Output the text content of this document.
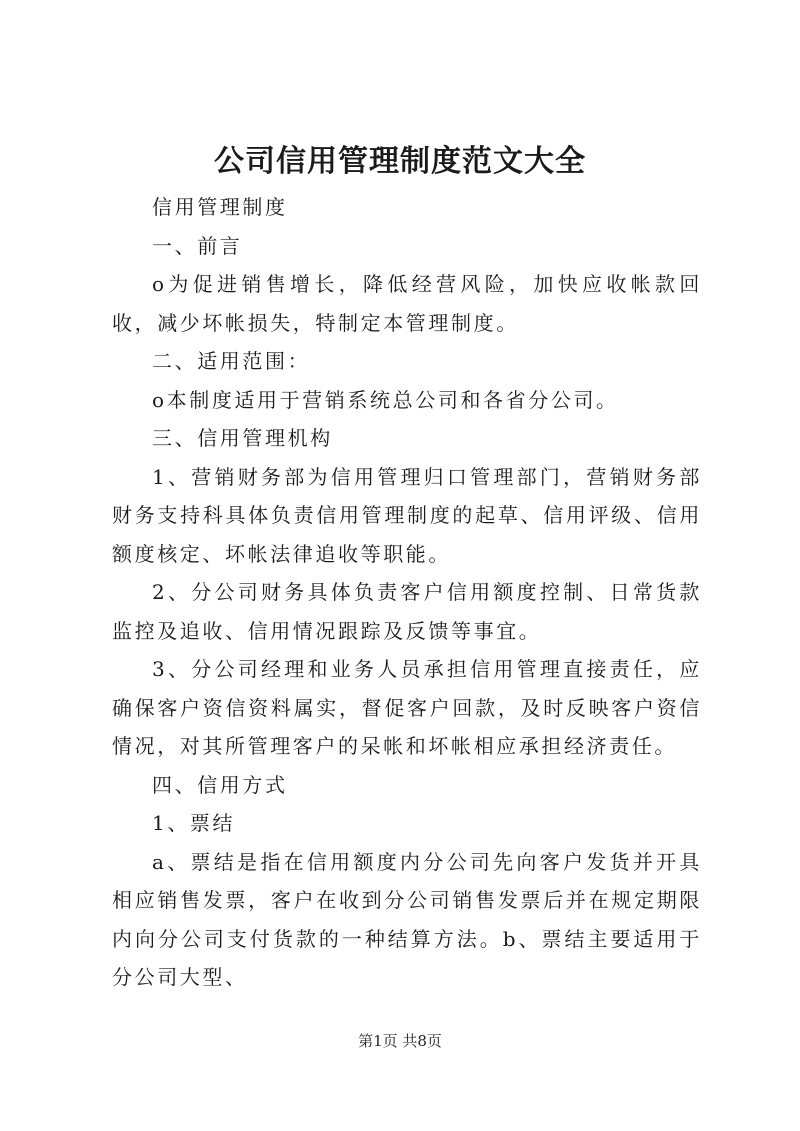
公司信用管理制度范文大全

信用管理制度

一、前言

o为促进销售增长，降低经营风险，加快应收帐款回收，减少坏帐损失，特制定本管理制度。

二、适用范围：

o本制度适用于营销系统总公司和各省分公司。

三、信用管理机构

1、营销财务部为信用管理归口管理部门，营销财务部财务支持科具体负责信用管理制度的起草、信用评级、信用额度核定、坏帐法律追收等职能。

2、分公司财务具体负责客户信用额度控制、日常货款监控及追收、信用情况跟踪及反馈等事宜。

3、分公司经理和业务人员承担信用管理直接责任，应确保客户资信资料属实，督促客户回款，及时反映客户资信情况，对其所管理客户的呆帐和坏帐相应承担经济责任。

四、信用方式

1、票结

a、票结是指在信用额度内分公司先向客户发货并开具相应销售发票，客户在收到分公司销售发票后并在规定期限内向分公司支付货款的一种结算方法。b、票结主要适用于分公司大型、

第1页 共8页
